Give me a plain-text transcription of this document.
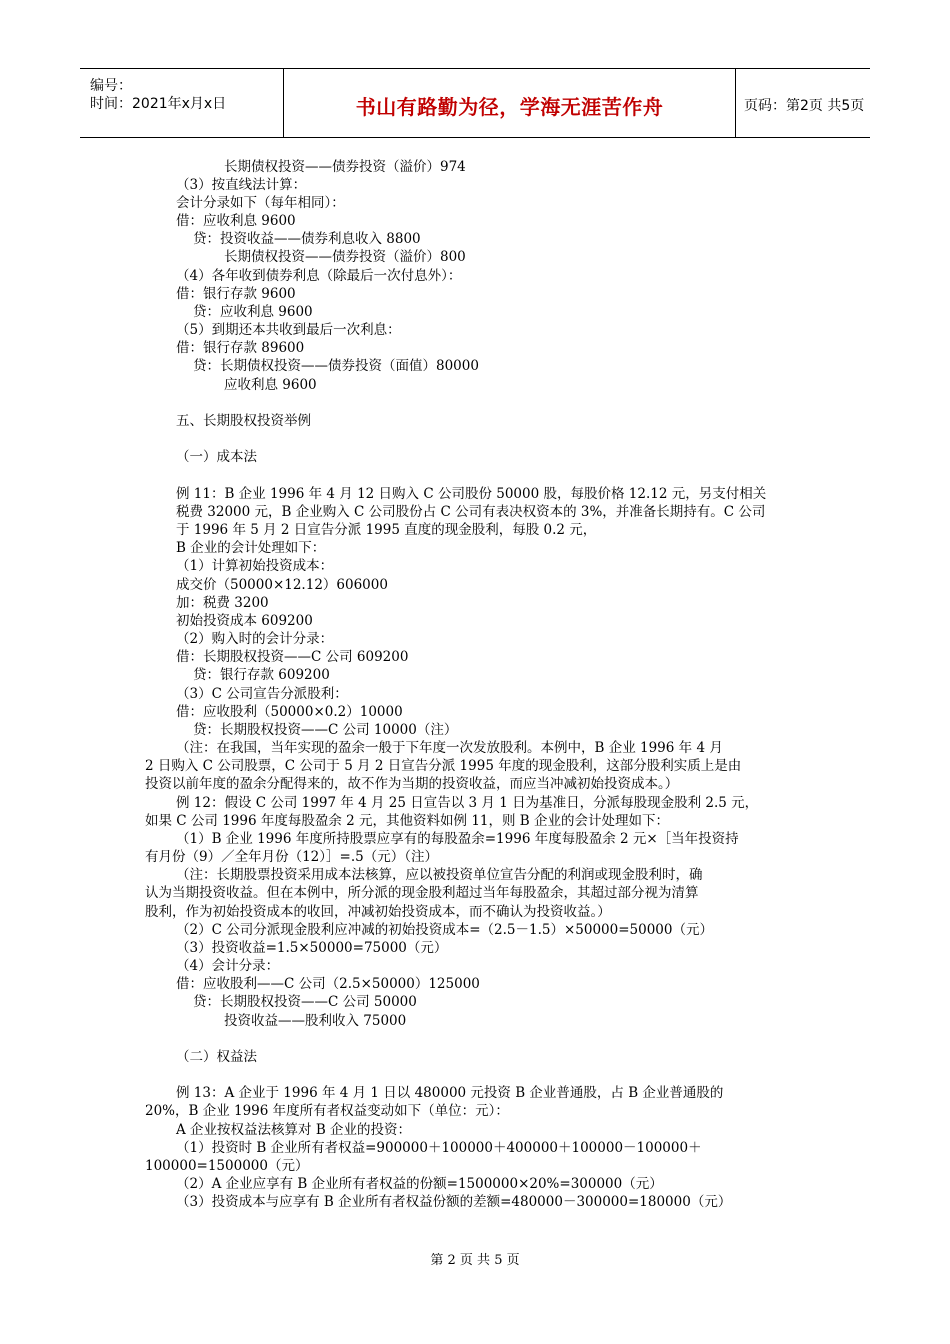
编号：
时间：2021年x月x日	书山有路勤为径，学海无涯苦作舟	页码：第2页 共5页
长期债权投资——债券投资（溢价）974
（3）按直线法计算：
会计分录如下（每年相同）：
借：应收利息 9600
贷：投资收益——债券利息收入 8800
长期债权投资——债券投资（溢价）800
（4）各年收到债券利息（除最后一次付息外）：
借：银行存款 9600
贷：应收利息 9600
（5）到期还本共收到最后一次利息：
借：银行存款 89600
贷：长期债权投资——债券投资（面值）80000
应收利息 9600
五、长期股权投资举例
（一）成本法
例 11：B 企业 1996 年 4 月 12 日购入 C 公司股份 50000 股，每股价格 12.12 元，另支付相关
税费 32000 元，B 企业购入 C 公司股份占 C 公司有表决权资本的 3%，并准备长期持有。C 公司
于 1996 年 5 月 2 日宣告分派 1995 直度的现金股利，每股 0.2 元，
B 企业的会计处理如下：
（1）计算初始投资成本：
成交价（50000×12.12）606000
加：税费 3200
初始投资成本 609200
（2）购入时的会计分录：
借：长期股权投资——C 公司 609200
贷：银行存款 609200
（3）C 公司宣告分派股利：
借：应收股利（50000×0.2）10000
贷：长期股权投资——C 公司 10000（注）
（注：在我国，当年实现的盈余一般于下年度一次发放股利。本例中，B 企业 1996 年 4 月
2 日购入 C 公司股票，C 公司于 5 月 2 日宣告分派 1995 年度的现金股利，这部分股利实质上是由
投资以前年度的盈余分配得来的，故不作为当期的投资收益，而应当冲减初始投资成本。）
例 12：假设 C 公司 1997 年 4 月 25 日宣告以 3 月 1 日为基准日，分派每股现金股利 2.5 元，
如果 C 公司 1996 年度每股盈余 2 元，其他资料如例 11，则 B 企业的会计处理如下：
（1）B 企业 1996 年度所持股票应享有的每股盈余=1996 年度每股盈余 2 元×［当年投资持
有月份（9）／全年月份（12）］=.5（元）（注）
（注：长期股票投资采用成本法核算，应以被投资单位宣告分配的利润或现金股利时，确
认为当期投资收益。但在本例中，所分派的现金股利超过当年每股盈余，其超过部分视为清算
股利，作为初始投资成本的收回，冲减初始投资成本，而不确认为投资收益。）
（2）C 公司分派现金股利应冲减的初始投资成本=（2.5－1.5）×50000=50000（元）
（3）投资收益=1.5×50000=75000（元）
（4）会计分录：
借：应收股利——C 公司（2.5×50000）125000
贷：长期股权投资——C 公司 50000
投资收益——股利收入 75000
（二）权益法
例 13：A 企业于 1996 年 4 月 1 日以 480000 元投资 B 企业普通股，占 B 企业普通股的
20%，B 企业 1996 年度所有者权益变动如下（单位：元）：
A 企业按权益法核算对 B 企业的投资：
（1）投资时 B 企业所有者权益=900000＋100000＋400000＋100000－100000＋
100000=1500000（元）
（2）A 企业应享有 B 企业所有者权益的份额=1500000×20%=300000（元）
（3）投资成本与应享有 B 企业所有者权益份额的差额=480000－300000=180000（元）
第 2 页 共 5 页
